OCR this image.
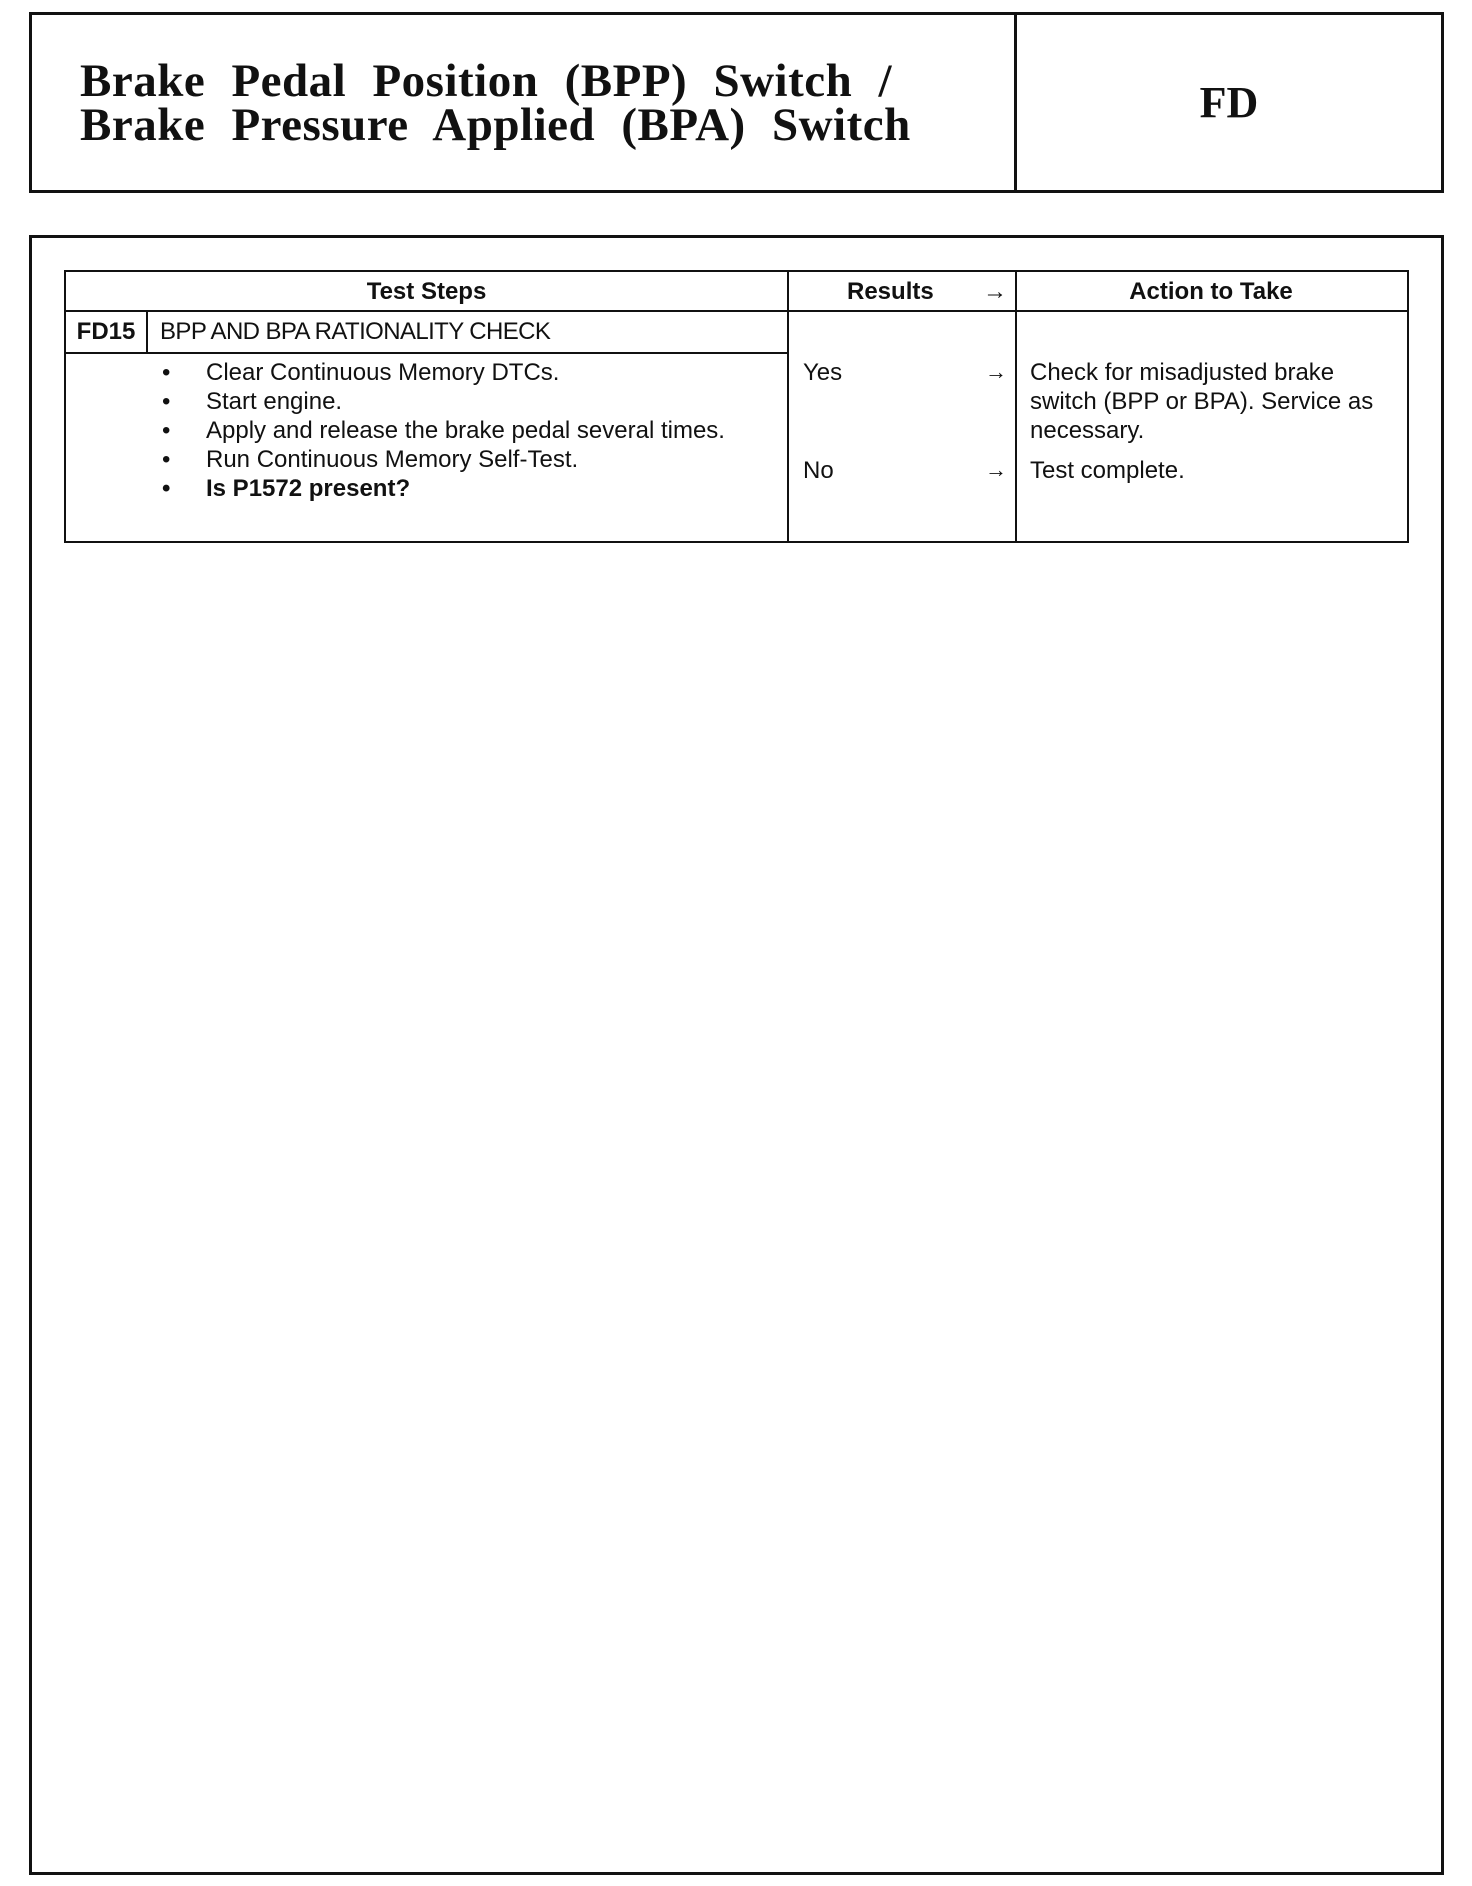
Brake Pedal Position (BPP) Switch /
Brake Pressure Applied (BPA) Switch	FD
Test Steps	Results →	Action to Take
FD15	BPP AND BPA RATIONALITY CHECK
• Clear Continuous Memory DTCs.
• Start engine.
• Apply and release the brake pedal several times.
• Run Continuous Memory Self-Test.
• Is P1572 present?
Yes	→ Check for misadjusted brake switch (BPP or BPA). Service as necessary.
No	→ Test complete.
